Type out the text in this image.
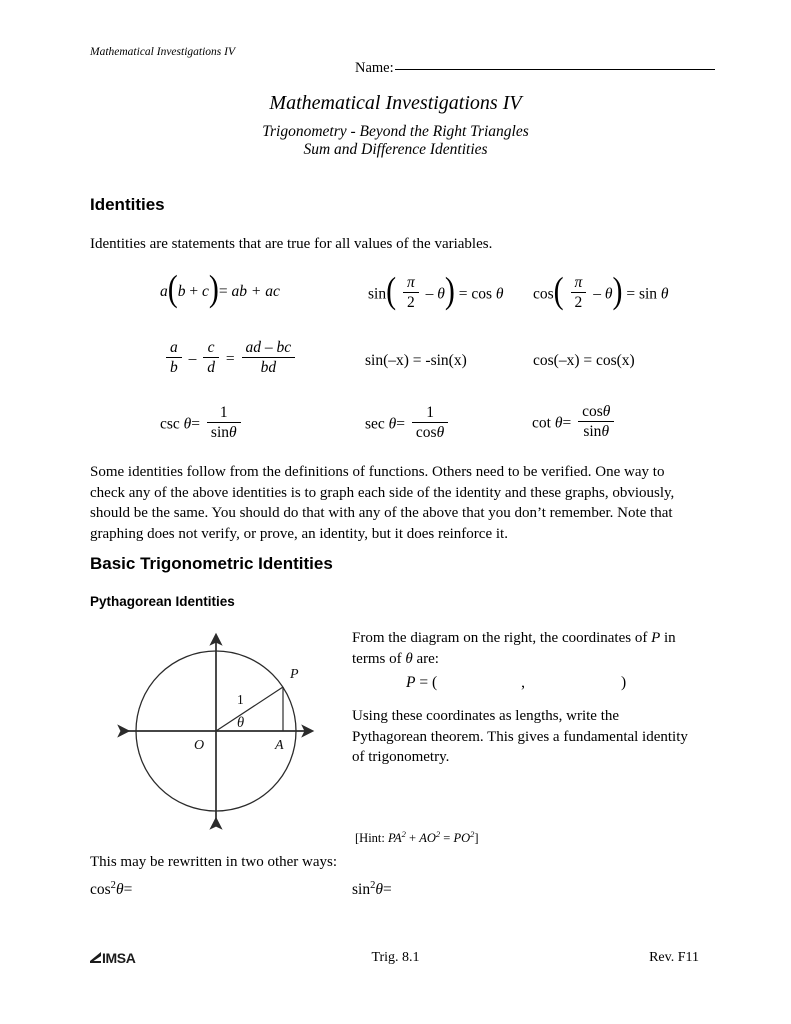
Mathematical Investigations IV
Name:
Mathematical Investigations IV
Trigonometry - Beyond the Right Triangles
Sum and Difference Identities
Identities
Identities are statements that are true for all values of the variables.
a(b + c)= ab + ac	$\sin( \frac{\pi}{2} - \theta) = \cos \theta$ $\cos( \frac{\pi}{2} - \theta) = \sin \theta$
$\frac{a}{b} - \frac{c}{d} = \frac{ad - bc}{bd}$	sin(–x) = -sin(x)	cos(–x) = cos(x)
$\csc \theta= \frac{1}{\sin\theta}$	$\sec \theta= \frac{1}{\cos\theta}$	$\cot \theta= \frac{\cos\theta}{\sin\theta}$
Some identities follow from the definitions of functions. Others need to be verified. One way to check any of the above identities is to graph each side of the identity and these graphs, obviously, should be the same. You should do that with any of the above that you don’t remember. Note that graphing does not verify, or prove, an identity, but it does reinforce it.
Basic Trigonometric Identities
Pythagorean Identities
P
O	A
1
θ
From the diagram on the right, the coordinates of P in terms of θ are:
P = (	,	)
Using these coordinates as lengths, write the Pythagorean theorem. This gives a fundamental identity of trigonometry.
[Hint: $PA^2 + AO^2 = PO^2$]
This may be rewritten in two other ways:
$\cos^2\theta=$	$\sin^2\theta=$
IMSA	Trig. 8.1	Rev. F11
